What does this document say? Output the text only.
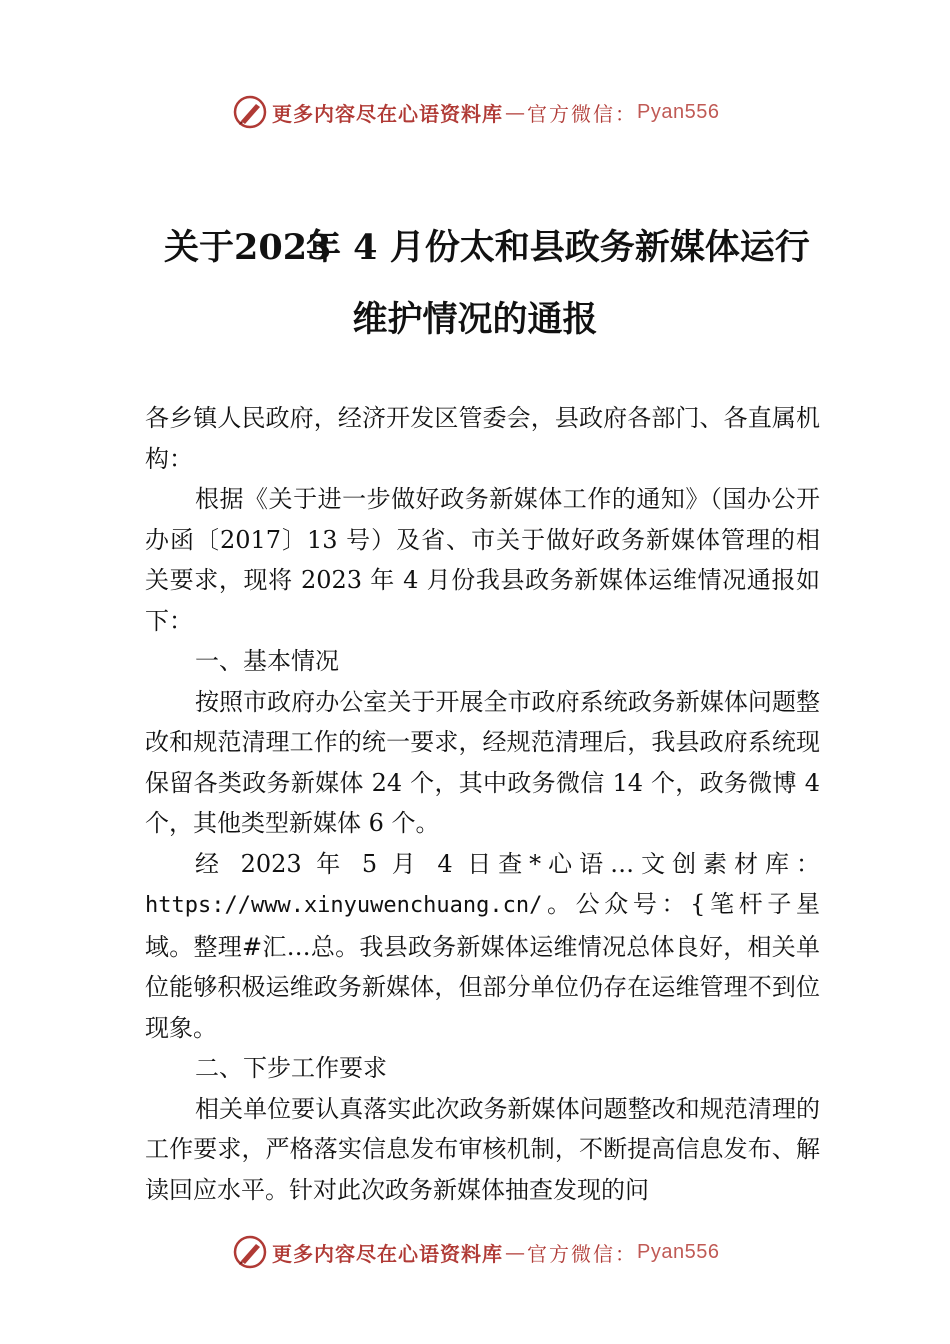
更多内容尽在心语资料库 — 官方微信： Pyan556
关于2023
年 4 月份太和县政务新媒体运行
维护情况的通报

各乡镇人民政府，经济开发区管委会，县政府各部门、各直属机构：

根据《关于进一步做好政务新媒体工作的通知》（国办公开办函〔2017〕13 号）及省、市关于做好政务新媒体管理的相关要求，现将 2023 年 4 月份我县政务新媒体运维情况通报如下：

一、基本情况

按照市政府办公室关于开展全市政府系统政务新媒体问题整改和规范清理工作的统一要求，经规范清理后，我县政府系统现保留各类政务新媒体 24 个，其中政务微信 14 个，政务微博 4 个，其他类型新媒体 6 个。

经 2023 年 5 月 4 日查*心语…文创素材库：https://www.xinyuwenchuang.cn/。公众号：{笔杆子星域。整理#汇…总。我县政务新媒体运维情况总体良好，相关单位能够积极运维政务新媒体，但部分单位仍存在运维管理不到位现象。

二、下步工作要求

相关单位要认真落实此次政务新媒体问题整改和规范清理的工作要求，严格落实信息发布审核机制，不断提高信息发布、解读回应水平。针对此次政务新媒体抽查发现的问

更多内容尽在心语资料库 — 官方微信： Pyan556
